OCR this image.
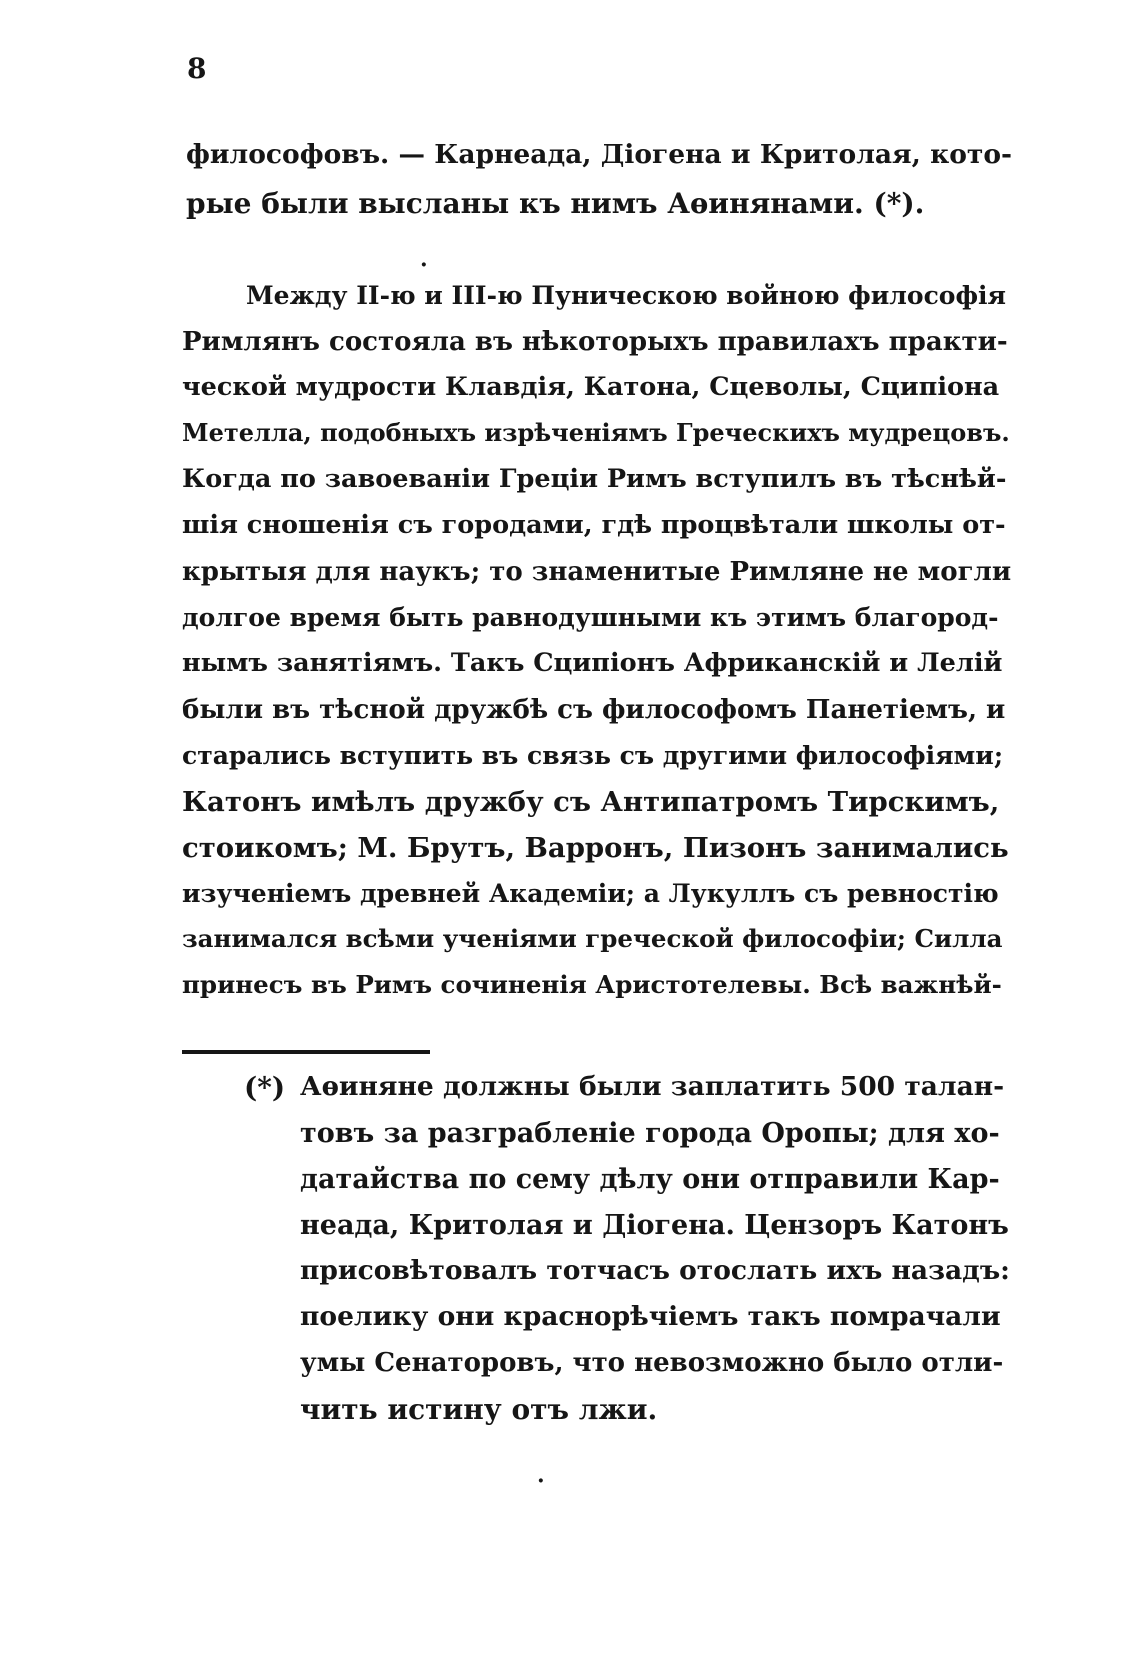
8
философовъ. — Карнеада, Діогена и Критолая, кото-
рые были высланы къ нимъ Аѳинянами. (*).
Между ІІ-ю и ІІІ-ю Пуническою войною философія
Римлянъ состояла въ нѣкоторыхъ правилахъ практи-
ческой мудрости Клавдія, Катона, Сцеволы, Сципіона
Метелла, подобныхъ изрѣченіямъ Греческихъ мудрецовъ.
Когда по завоеваніи Греціи Римъ вступилъ въ тѣснѣй-
шія сношенія съ городами, гдѣ процвѣтали школы от-
крытыя для наукъ; то знаменитые Римляне не могли
долгое время быть равнодушными къ этимъ благород-
нымъ занятіямъ. Такъ Сципіонъ Африканскій и Лелій
были въ тѣсной дружбѣ съ философомъ Панетіемъ, и
старались вступить въ связь съ другими философіями;
Катонъ имѣлъ дружбу съ Антипатромъ Тирскимъ,
стоикомъ; М. Брутъ, Варронъ, Пизонъ занимались
изученіемъ древней Академіи; а Лукуллъ съ ревностію
занимался всѣми ученіями греческой философіи; Силла
принесъ въ Римъ сочиненія Аристотелевы. Всѣ важнѣй-
(*) Аѳиняне должны были заплатить 500 талан-
товъ за разграбленіе города Оропы; для хо-
датайства по сему дѣлу они отправили Кар-
неада, Критолая и Діогена. Цензоръ Катонъ
присовѣтовалъ тотчасъ отослать ихъ назадъ:
поелику они краснорѣчіемъ такъ помрачали
умы Сенаторовъ, что невозможно было отли-
чить истину отъ лжи.
·
·
